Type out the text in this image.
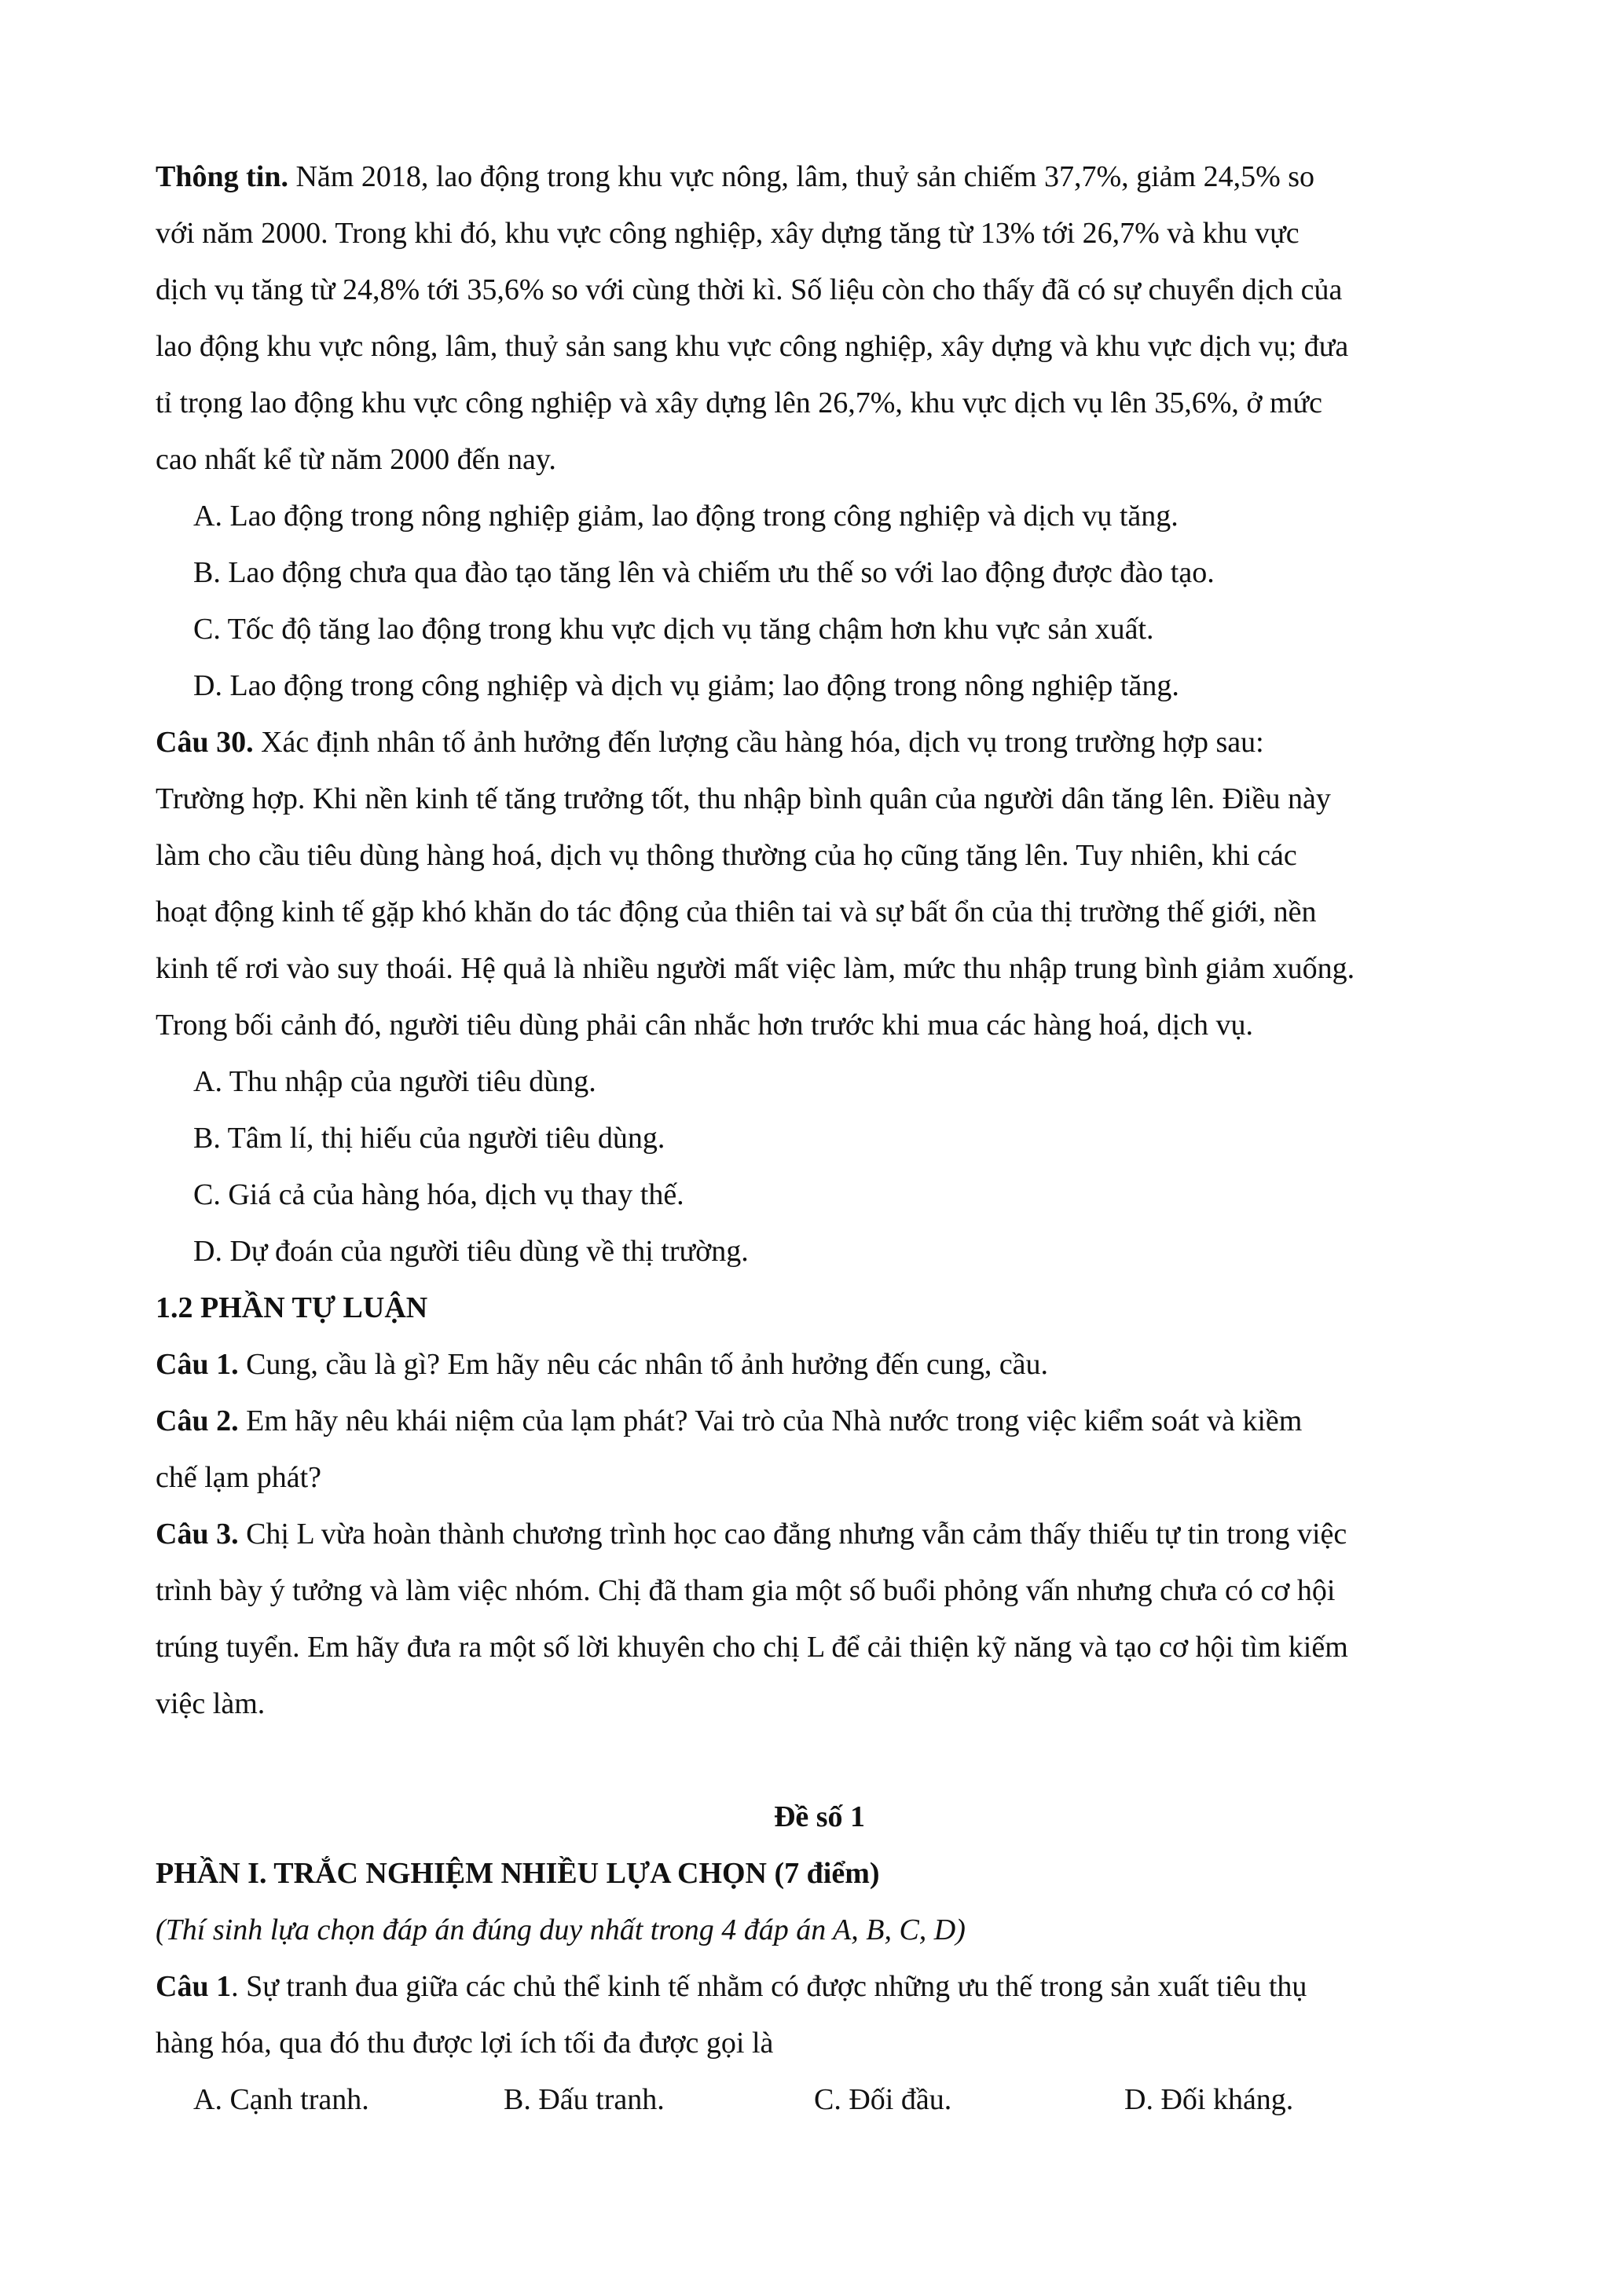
Thông tin. Năm 2018, lao động trong khu vực nông, lâm, thuỷ sản chiếm 37,7%, giảm 24,5% so
với năm 2000. Trong khi đó, khu vực công nghiệp, xây dựng tăng từ 13% tới 26,7% và khu vực
dịch vụ tăng từ 24,8% tới 35,6% so với cùng thời kì. Số liệu còn cho thấy đã có sự chuyển dịch của
lao động khu vực nông, lâm, thuỷ sản sang khu vực công nghiệp, xây dựng và khu vực dịch vụ; đưa
tỉ trọng lao động khu vực công nghiệp và xây dựng lên 26,7%, khu vực dịch vụ lên 35,6%, ở mức
cao nhất kể từ năm 2000 đến nay.
A. Lao động trong nông nghiệp giảm, lao động trong công nghiệp và dịch vụ tăng.
B. Lao động chưa qua đào tạo tăng lên và chiếm ưu thế so với lao động được đào tạo.
C. Tốc độ tăng lao động trong khu vực dịch vụ tăng chậm hơn khu vực sản xuất.
D. Lao động trong công nghiệp và dịch vụ giảm; lao động trong nông nghiệp tăng.
Câu 30. Xác định nhân tố ảnh hưởng đến lượng cầu hàng hóa, dịch vụ trong trường hợp sau:
Trường hợp. Khi nền kinh tế tăng trưởng tốt, thu nhập bình quân của người dân tăng lên. Điều này
làm cho cầu tiêu dùng hàng hoá, dịch vụ thông thường của họ cũng tăng lên. Tuy nhiên, khi các
hoạt động kinh tế gặp khó khăn do tác động của thiên tai và sự bất ổn của thị trường thế giới, nền
kinh tế rơi vào suy thoái. Hệ quả là nhiều người mất việc làm, mức thu nhập trung bình giảm xuống.
Trong bối cảnh đó, người tiêu dùng phải cân nhắc hơn trước khi mua các hàng hoá, dịch vụ.
A. Thu nhập của người tiêu dùng.
B. Tâm lí, thị hiếu của người tiêu dùng.
C. Giá cả của hàng hóa, dịch vụ thay thế.
D. Dự đoán của người tiêu dùng về thị trường.
1.2 PHẦN TỰ LUẬN
Câu 1. Cung, cầu là gì? Em hãy nêu các nhân tố ảnh hưởng đến cung, cầu.
Câu 2. Em hãy nêu khái niệm của lạm phát? Vai trò của Nhà nước trong việc kiểm soát và kiềm
chế lạm phát?
Câu 3. Chị L vừa hoàn thành chương trình học cao đẳng nhưng vẫn cảm thấy thiếu tự tin trong việc
trình bày ý tưởng và làm việc nhóm. Chị đã tham gia một số buổi phỏng vấn nhưng chưa có cơ hội
trúng tuyển. Em hãy đưa ra một số lời khuyên cho chị L để cải thiện kỹ năng và tạo cơ hội tìm kiếm
việc làm.
Đề số 1
PHẦN I. TRẮC NGHIỆM NHIỀU LỰA CHỌN (7 điểm)
(Thí sinh lựa chọn đáp án đúng duy nhất trong 4 đáp án A, B, C, D)
Câu 1. Sự tranh đua giữa các chủ thể kinh tế nhằm có được những ưu thế trong sản xuất tiêu thụ
hàng hóa, qua đó thu được lợi ích tối đa được gọi là
A. Cạnh tranh.	B. Đấu tranh.	C. Đối đầu.	D. Đối kháng.
